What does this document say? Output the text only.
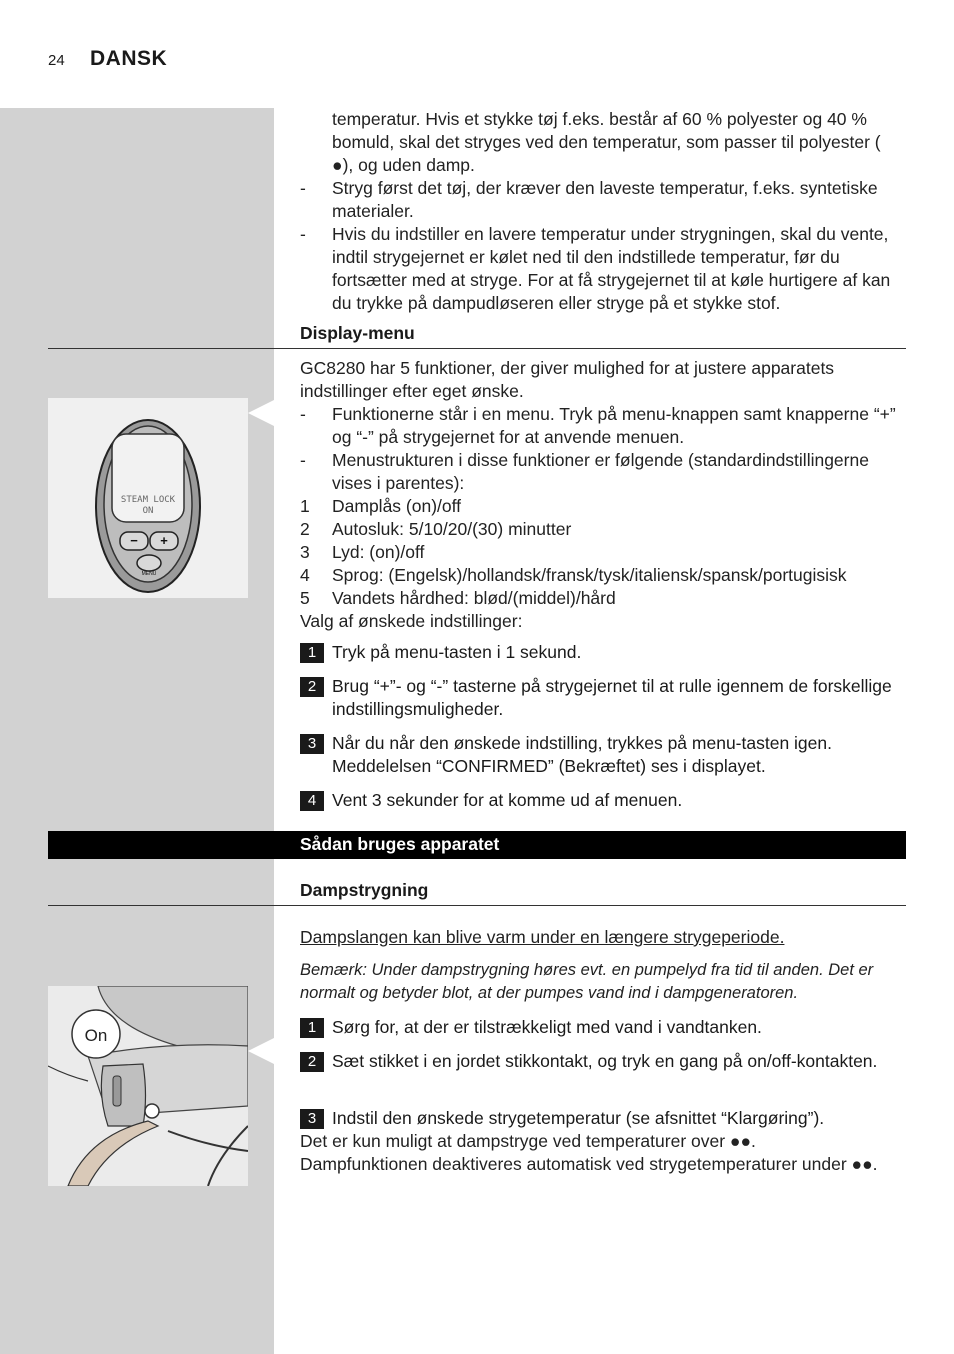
24 DANSK
temperatur. Hvis et stykke tøj f.eks. består af 60 % polyester og 40 % bomuld, skal det stryges ved den temperatur, som passer til polyester ( ●), og uden damp.
- Stryg først det tøj, der kræver den laveste temperatur, f.eks. syntetiske materialer.
- Hvis du indstiller en lavere temperatur under strygningen, skal du vente, indtil strygejernet er kølet ned til den indstillede temperatur, før du fortsætter med at stryge. For at få strygejernet til at køle hurtigere af kan du trykke på dampudløseren eller stryge på et stykke stof.
Display-menu
STEAM LOCK
ON
− +
MENU
GC8280 har 5 funktioner, der giver mulighed for at justere apparatets indstillinger efter eget ønske.
- Funktionerne står i en menu. Tryk på menu-knappen samt knapperne “+” og “-” på strygejernet for at anvende menuen.
- Menustrukturen i disse funktioner er følgende (standardindstillingerne vises i parentes):
1 Damplås (on)/off
2 Autosluk: 5/10/20/(30) minutter
3 Lyd: (on)/off
4 Sprog: (Engelsk)/hollandsk/fransk/tysk/italiensk/spansk/portugisisk
5 Vandets hårdhed: blød/(middel)/hård
Valg af ønskede indstillinger:
1 Tryk på menu-tasten i 1 sekund.
2 Brug “+”- og “-” tasterne på strygejernet til at rulle igennem de forskellige indstillingsmuligheder.
3 Når du når den ønskede indstilling, trykkes på menu-tasten igen. Meddelelsen “CONFIRMED” (Bekræftet) ses i displayet.
4 Vent 3 sekunder for at komme ud af menuen.
Sådan bruges apparatet
Dampstrygning
On
Dampslangen kan blive varm under en længere strygeperiode.
Bemærk: Under dampstrygning høres evt. en pumpelyd fra tid til anden. Det er normalt og betyder blot, at der pumpes vand ind i dampgeneratoren.
1 Sørg for, at der er tilstrækkeligt med vand i vandtanken.
2 Sæt stikket i en jordet stikkontakt, og tryk en gang på on/off-kontakten.
3 Indstil den ønskede strygetemperatur (se afsnittet “Klargøring”).
Det er kun muligt at dampstryge ved temperaturer over ●●.
Dampfunktionen deaktiveres automatisk ved strygetemperaturer under ●●.
